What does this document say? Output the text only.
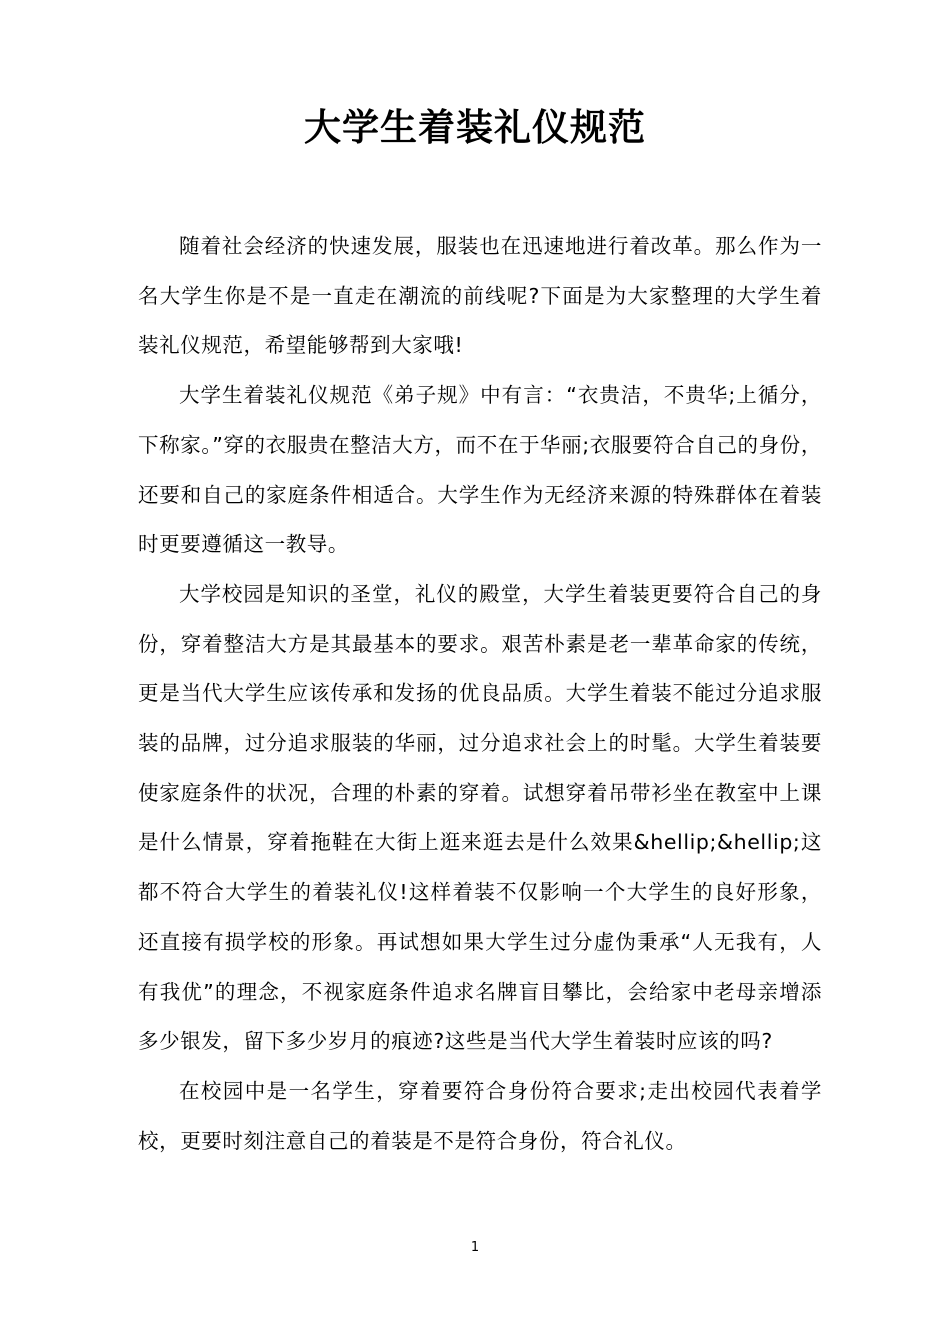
大学生着装礼仪规范

随着社会经济的快速发展，服装也在迅速地进行着改革。那么作为一名大学生你是不是一直走在潮流的前线呢?下面是为大家整理的大学生着装礼仪规范，希望能够帮到大家哦!

大学生着装礼仪规范《弟子规》中有言：“衣贵洁，不贵华;上循分，下称家。”穿的衣服贵在整洁大方，而不在于华丽;衣服要符合自己的身份，还要和自己的家庭条件相适合。大学生作为无经济来源的特殊群体在着装时更要遵循这一教导。

大学校园是知识的圣堂，礼仪的殿堂，大学生着装更要符合自己的身份，穿着整洁大方是其最基本的要求。艰苦朴素是老一辈革命家的传统，更是当代大学生应该传承和发扬的优良品质。大学生着装不能过分追求服装的品牌，过分追求服装的华丽，过分追求社会上的时髦。大学生着装要使家庭条件的状况，合理的朴素的穿着。试想穿着吊带衫坐在教室中上课是什么情景，穿着拖鞋在大街上逛来逛去是什么效果&hellip;&hellip;这都不符合大学生的着装礼仪!这样着装不仅影响一个大学生的良好形象，还直接有损学校的形象。再试想如果大学生过分虚伪秉承“人无我有，人有我优”的理念，不视家庭条件追求名牌盲目攀比，会给家中老母亲增添多少银发，留下多少岁月的痕迹?这些是当代大学生着装时应该的吗?

在校园中是一名学生，穿着要符合身份符合要求;走出校园代表着学校，更要时刻注意自己的着装是不是符合身份，符合礼仪。

1
